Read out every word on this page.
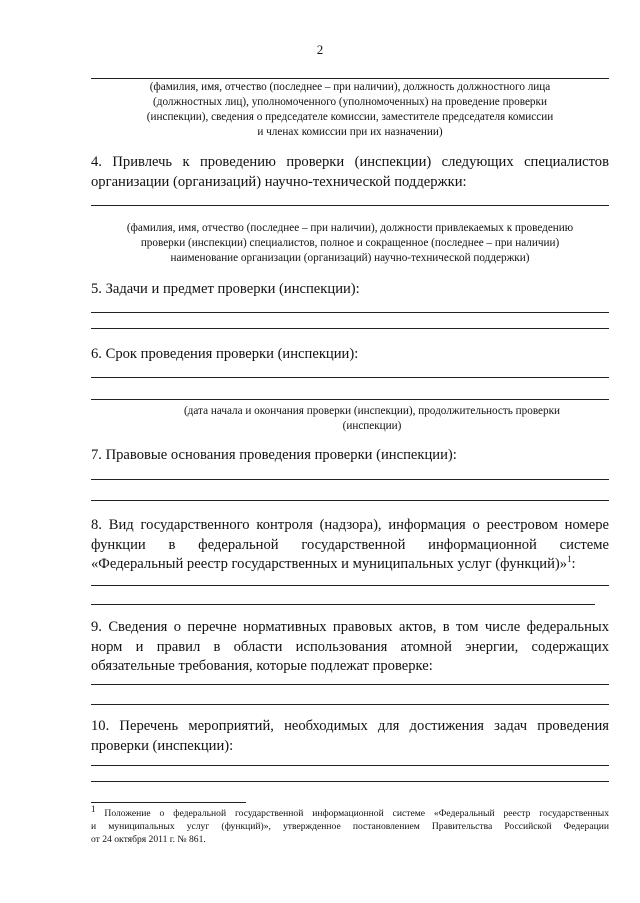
2
(фамилия, имя, отчество (последнее – при наличии), должность должностного лица
(должностных лиц), уполномоченного (уполномоченных) на проведение проверки
(инспекции), сведения о председателе комиссии, заместителе председателя комиссии
и членах комиссии при их назначении)
4. Привлечь к проведению проверки (инспекции) следующих специалистов
организации (организаций) научно-технической поддержки:
(фамилия, имя, отчество (последнее – при наличии), должности привлекаемых к проведению
проверки (инспекции) специалистов, полное и сокращенное (последнее – при наличии)
наименование организации (организаций) научно-технической поддержки)
5. Задачи и предмет проверки (инспекции):
6. Срок проведения проверки (инспекции):
(дата начала и окончания проверки (инспекции), продолжительность проверки
(инспекции)
7. Правовые основания проведения проверки (инспекции):
8. Вид государственного контроля (надзора), информация о реестровом номере
функции в федеральной государственной информационной системе
«Федеральный реестр государственных и муниципальных услуг (функций)»$^1$:
9. Сведения о перечне нормативных правовых актов, в том числе федеральных
норм и правил в области использования атомной энергии, содержащих
обязательные требования, которые подлежат проверке:
10. Перечень мероприятий, необходимых для достижения задач проведения
проверки (инспекции):
$^1$ Положение о федеральной государственной информационной системе «Федеральный реестр государственных
и муниципальных услуг (функций)», утвержденное постановлением Правительства Российской Федерации
от 24 октября 2011 г. № 861.
